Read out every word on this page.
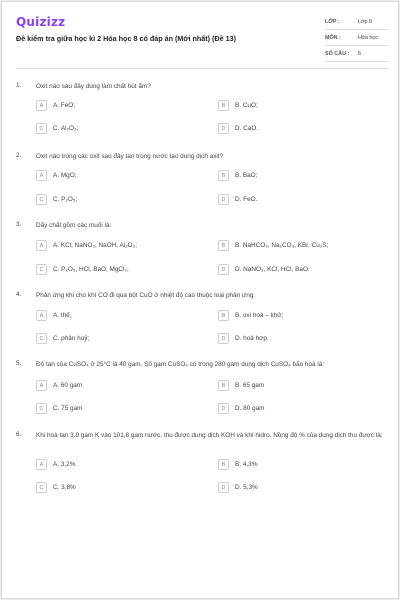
Quizizz
Đề kiểm tra giữa học kì 2 Hóa học 8 có đáp án (Mới nhất) (Đề 13)
LỚP :	Lớp 8
MÔN :	Hóa học
SỐ CÂU :	6
1. Oxit nào sau đây dùng làm chất hút ẩm?
A	A. FeO;	B	B. CuO;
C	C. Al₂O₃;	D	D. CaO.
2. Oxit nào trong các oxit sau đây tan trong nước tạo dung dịch axit?
A	A. MgO;	B	B. BaO;
C	C. P₂O₅;	D	D. FeO.
3. Dãy chất gồm các muối là:
A	A. KCl, NaNO₃, NaOH, Al₂O₃;	B	B. NaHCO₃, Na₂CO₃, KBr, Cu₂S;
C	C. P₂O₅, HCl, BaO, MgCl₂;	D	D. NaNO₃, KCl, HCl, BaO.
4. Phản ứng khi cho khí CO đi qua bột CuO ở nhiệt độ cao thuộc loại phản ứng:
A	A. thế;	B	B. oxi hoá – khử;
C	C. phân huỷ;	D	D. hoá hợp.
5. Độ tan của CuSO₄ ở 25°C là 40 gam. Số gam CuSO₄ có trong 280 gam dung dịch CuSO₄ bão hoà là:
A	A. 60 gam	B	B. 65 gam
C	C. 75 gam	D	D. 80 gam
6. Khi hoà tan 3,9 gam K vào 101,8 gam nước, thu được dung dịch KOH và khí hidro. Nồng độ % của dung dịch thu được là:
A	A. 3,2%	B	B. 4,3%
C	C. 3,8%	D	D. 5,3%
